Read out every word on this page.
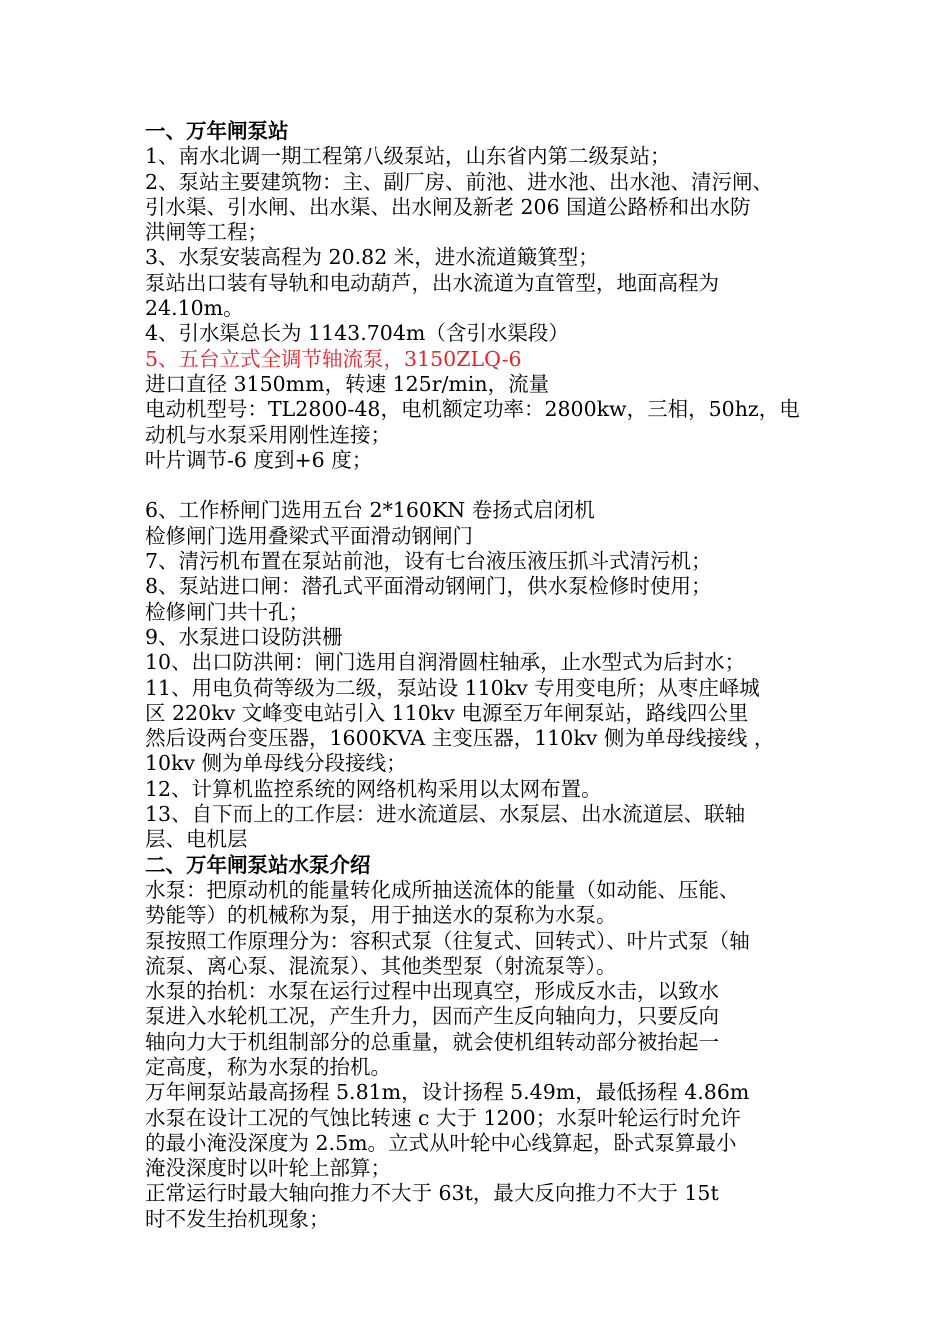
一、万年闸泵站
1、南水北调一期工程第八级泵站，山东省内第二级泵站；
2、泵站主要建筑物：主、副厂房、前池、进水池、出水池、清污闸、
引水渠、引水闸、出水渠、出水闸及新老 206 国道公路桥和出水防
洪闸等工程；
3、水泵安装高程为 20.82 米，进水流道簸箕型；
泵站出口装有导轨和电动葫芦，出水流道为直管型，地面高程为
24.10m。
4、引水渠总长为 1143.704m（含引水渠段）
5、五台立式全调节轴流泵，3150ZLQ-6
进口直径 3150mm，转速 125r/min，流量
电动机型号：TL2800-48，电机额定功率：2800kw，三相，50hz，电
动机与水泵采用刚性连接；
叶片调节-6 度到+6 度；
6、工作桥闸门选用五台 2*160KN 卷扬式启闭机
检修闸门选用叠梁式平面滑动钢闸门
7、清污机布置在泵站前池，设有七台液压液压抓斗式清污机；
8、泵站进口闸：潜孔式平面滑动钢闸门，供水泵检修时使用；
检修闸门共十孔；
9、水泵进口设防洪栅
10、出口防洪闸：闸门选用自润滑圆柱轴承，止水型式为后封水；
11、用电负荷等级为二级，泵站设 110kv 专用变电所；从枣庄峄城
区 220kv 文峰变电站引入 110kv 电源至万年闸泵站，路线四公里
然后设两台变压器，1600KVA 主变压器，110kv 侧为单母线接线 ，
10kv 侧为单母线分段接线；
12、计算机监控系统的网络机构采用以太网布置。
13、自下而上的工作层：进水流道层、水泵层、出水流道层、联轴
层、电机层
二、万年闸泵站水泵介绍
水泵：把原动机的能量转化成所抽送流体的能量（如动能、压能、
势能等）的机械称为泵，用于抽送水的泵称为水泵。
泵按照工作原理分为：容积式泵（往复式、回转式）、叶片式泵（轴
流泵、离心泵、混流泵）、其他类型泵（射流泵等）。
水泵的抬机：水泵在运行过程中出现真空，形成反水击，以致水
泵进入水轮机工况，产生升力，因而产生反向轴向力，只要反向
轴向力大于机组制部分的总重量，就会使机组转动部分被抬起一
定高度，称为水泵的抬机。
万年闸泵站最高扬程 5.81m，设计扬程 5.49m，最低扬程 4.86m
水泵在设计工况的气蚀比转速 c 大于 1200；水泵叶轮运行时允许
的最小淹没深度为 2.5m。立式从叶轮中心线算起，卧式泵算最小
淹没深度时以叶轮上部算；
正常运行时最大轴向推力不大于 63t，最大反向推力不大于 15t
时不发生抬机现象；
